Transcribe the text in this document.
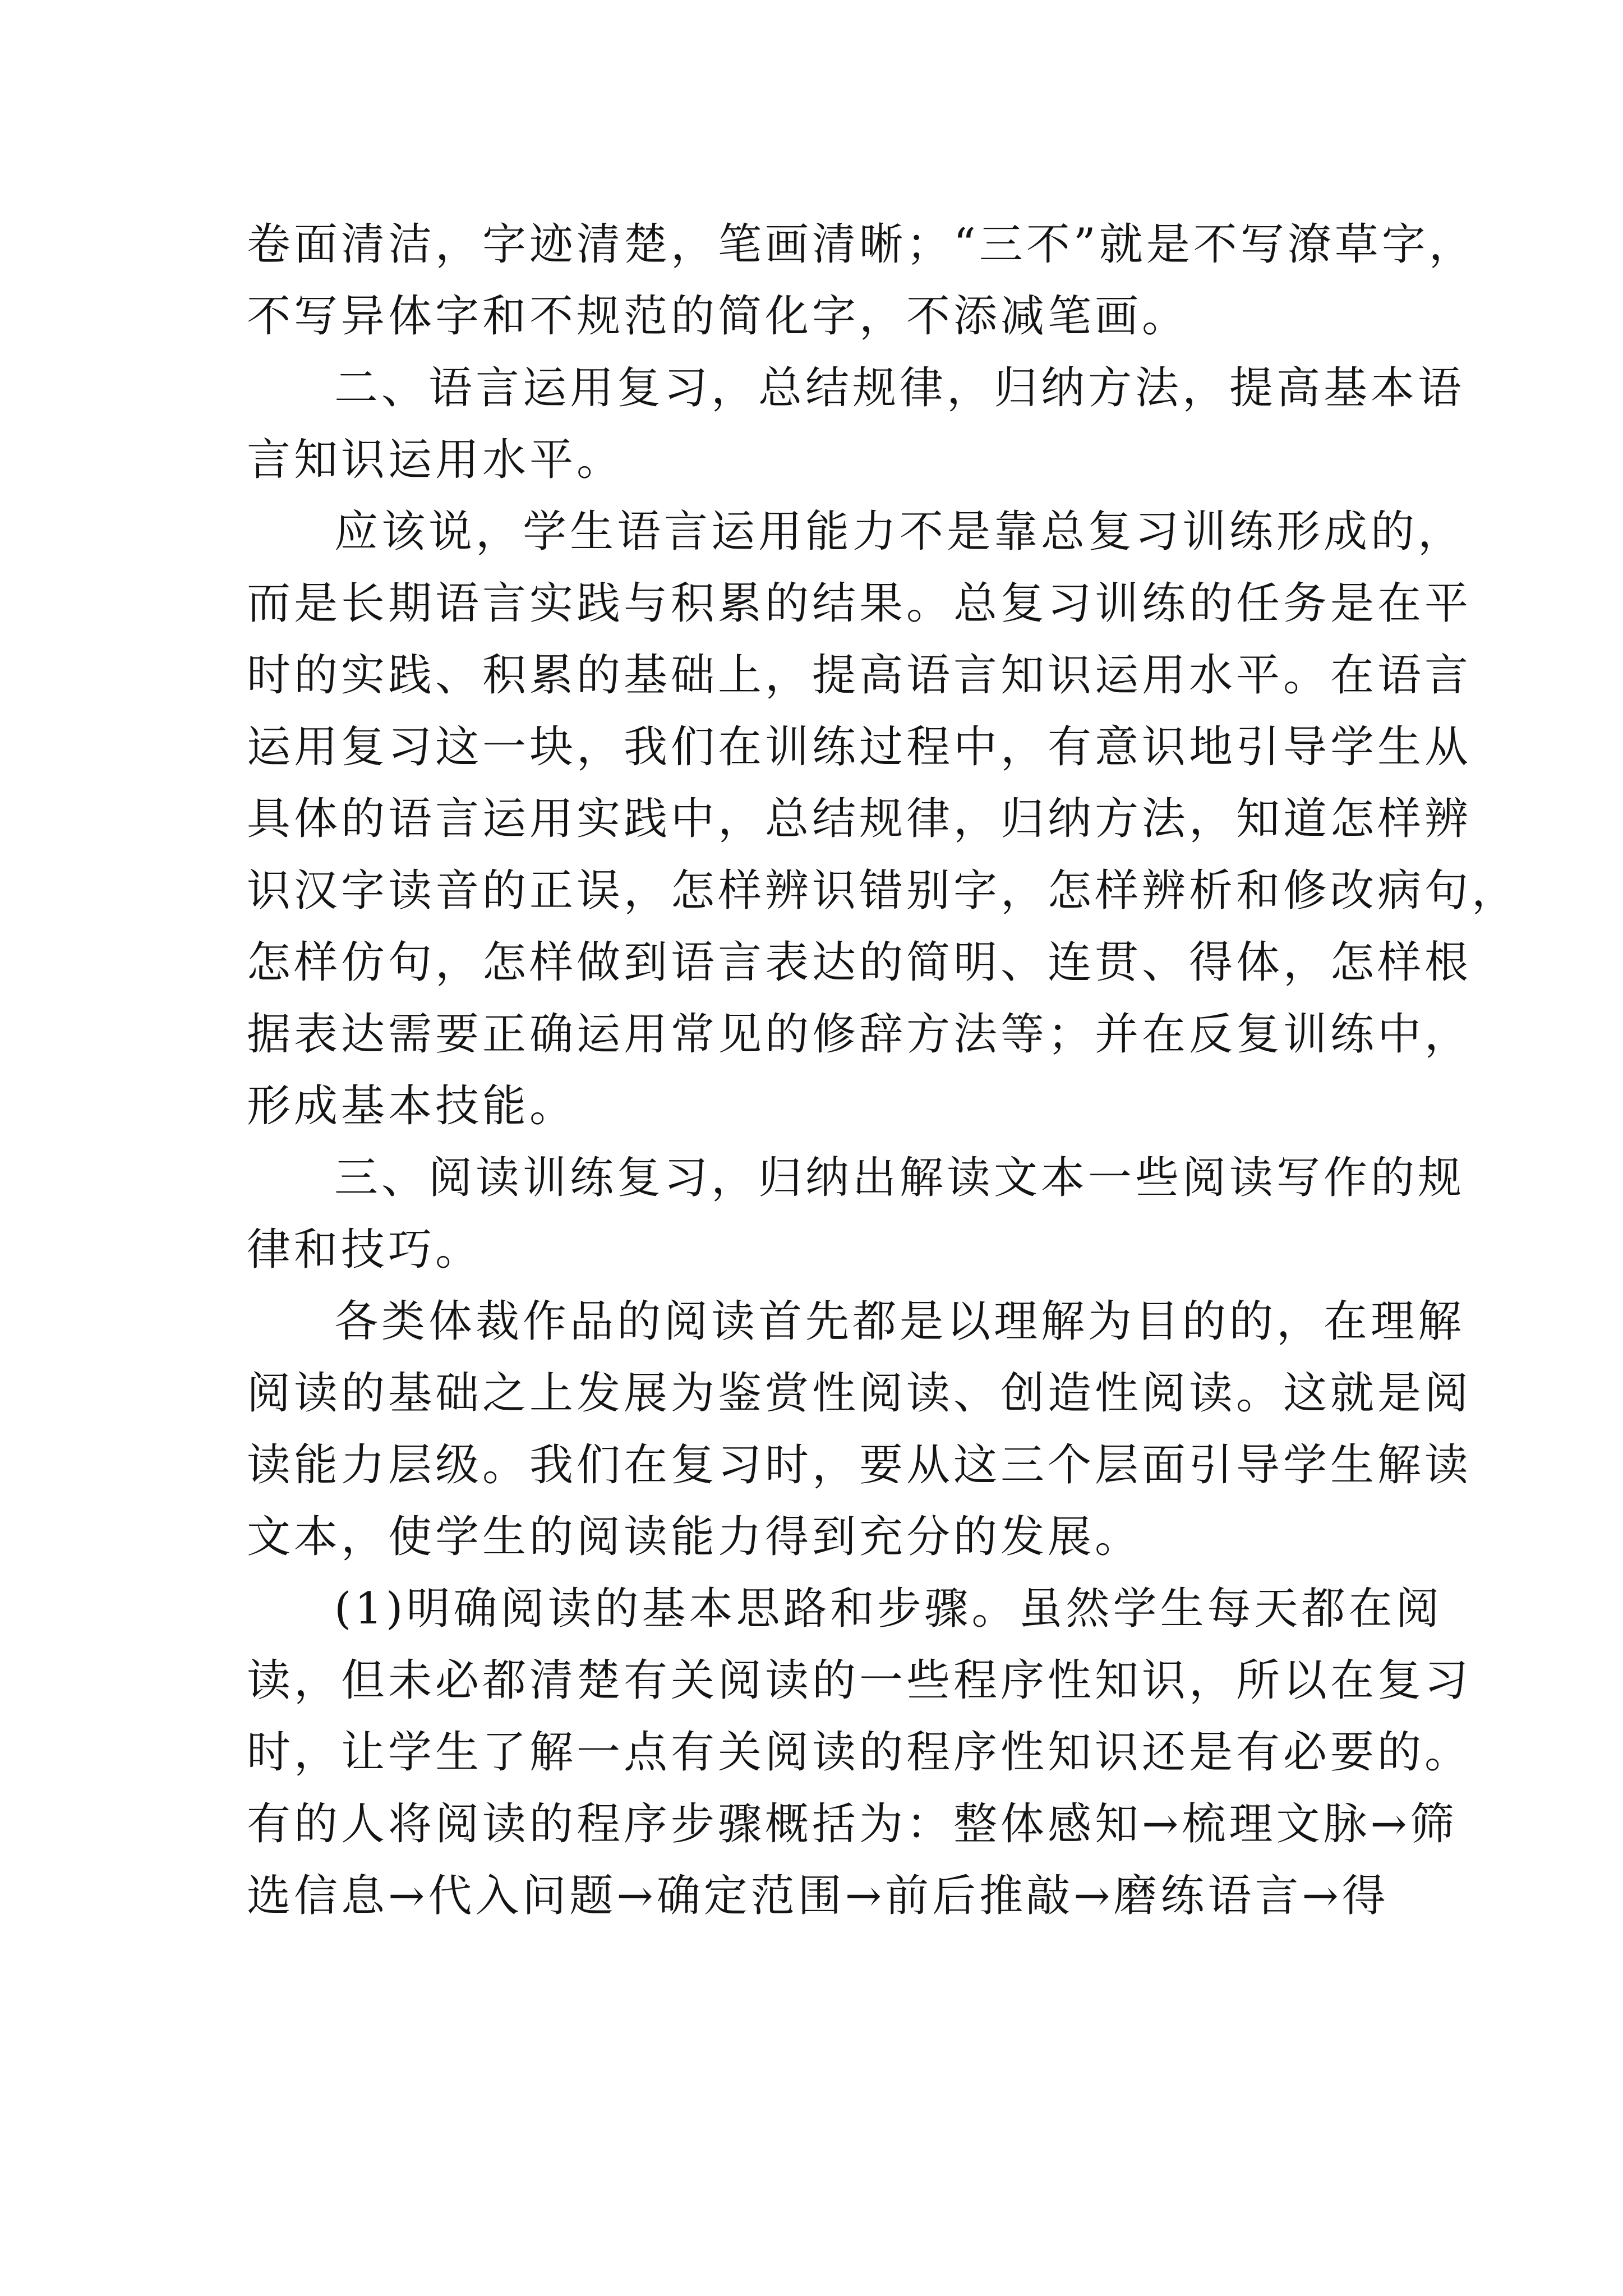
卷面清洁，字迹清楚，笔画清晰；“三不”就是不写潦草字，
不写异体字和不规范的简化字，不添减笔画。
二、语言运用复习，总结规律，归纳方法，提高基本语
言知识运用水平。
应该说，学生语言运用能力不是靠总复习训练形成的，
而是长期语言实践与积累的结果。总复习训练的任务是在平
时的实践、积累的基础上，提高语言知识运用水平。在语言
运用复习这一块，我们在训练过程中，有意识地引导学生从
具体的语言运用实践中，总结规律，归纳方法，知道怎样辨
识汉字读音的正误，怎样辨识错别字，怎样辨析和修改病句，
怎样仿句，怎样做到语言表达的简明、连贯、得体，怎样根
据表达需要正确运用常见的修辞方法等；并在反复训练中，
形成基本技能。
三、阅读训练复习，归纳出解读文本一些阅读写作的规
律和技巧。
各类体裁作品的阅读首先都是以理解为目的的，在理解
阅读的基础之上发展为鉴赏性阅读、创造性阅读。这就是阅
读能力层级。我们在复习时，要从这三个层面引导学生解读
文本，使学生的阅读能力得到充分的发展。
(1)明确阅读的基本思路和步骤。虽然学生每天都在阅
读，但未必都清楚有关阅读的一些程序性知识，所以在复习
时，让学生了解一点有关阅读的程序性知识还是有必要的。
有的人将阅读的程序步骤概括为：整体感知→梳理文脉→筛
选信息→代入问题→确定范围→前后推敲→磨练语言→得
